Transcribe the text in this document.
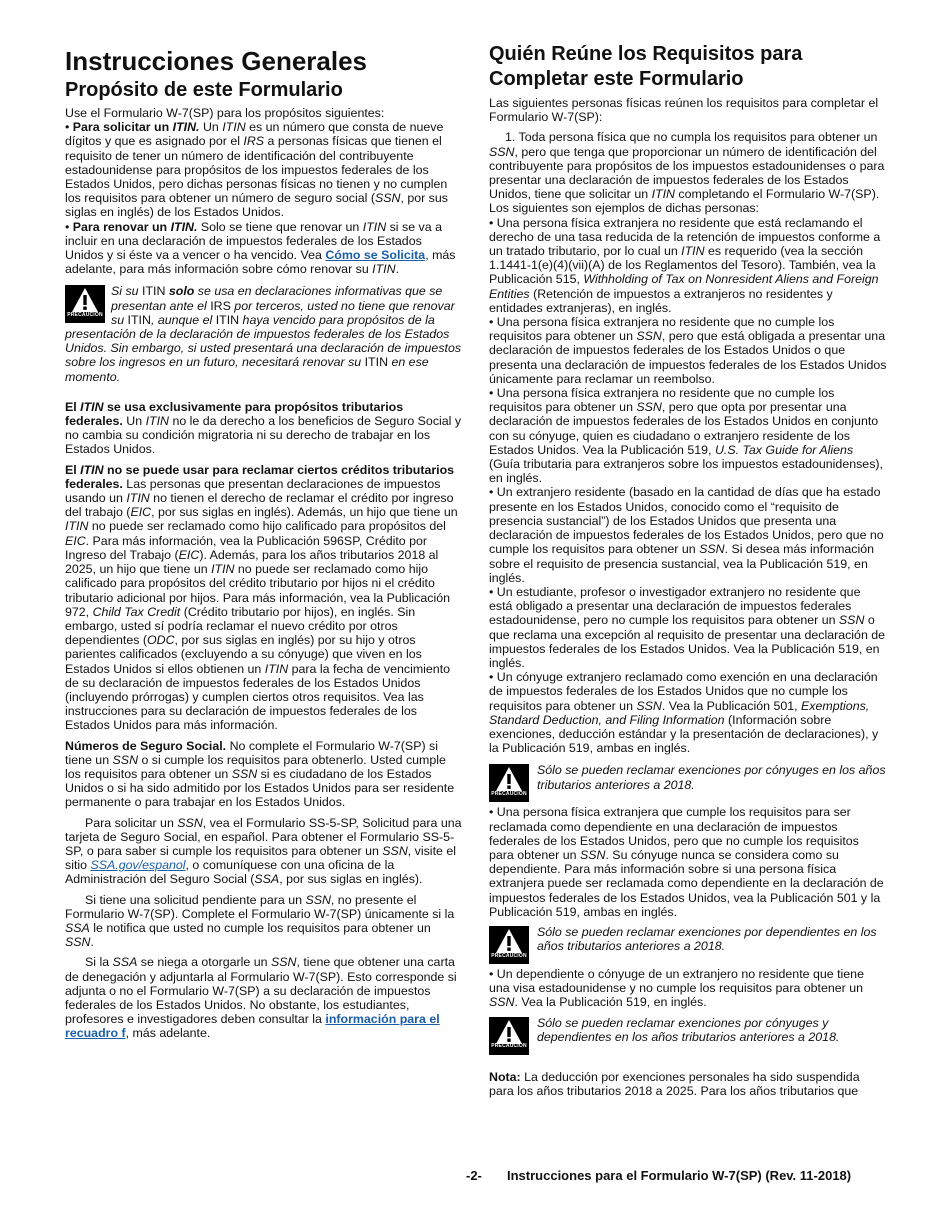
Instrucciones Generales
Propósito de este Formulario

Use el Formulario W-7(SP) para los propósitos siguientes:

• Para solicitar un ITIN. Un ITIN es un número que consta de nueve dígitos y que es asignado por el IRS a personas físicas que tienen el requisito de tener un número de identificación del contribuyente estadounidense para propósitos de los impuestos federales de los Estados Unidos, pero dichas personas físicas no tienen y no cumplen los requisitos para obtener un número de seguro social (SSN, por sus siglas en inglés) de los Estados Unidos.

• Para renovar un ITIN. Solo se tiene que renovar un ITIN si se va a incluir en una declaración de impuestos federales de los Estados Unidos y si éste va a vencer o ha vencido. Vea Cómo se Solicita, más adelante, para más información sobre cómo renovar su ITIN.

PRECAUCION
Si su ITIN solo se usa en declaraciones informativas que se presentan ante el IRS por terceros, usted no tiene que renovar su ITIN, aunque el ITIN haya vencido para propósitos de la presentación de la declaración de impuestos federales de los Estados Unidos. Sin embargo, si usted presentará una declaración de impuestos sobre los ingresos en un futuro, necesitará renovar su ITIN en ese momento.

El ITIN se usa exclusivamente para propósitos tributarios federales. Un ITIN no le da derecho a los beneficios de Seguro Social y no cambia su condición migratoria ni su derecho de trabajar en los Estados Unidos.

El ITIN no se puede usar para reclamar ciertos créditos tributarios federales. Las personas que presentan declaraciones de impuestos usando un ITIN no tienen el derecho de reclamar el crédito por ingreso del trabajo (EIC, por sus siglas en inglés). Además, un hijo que tiene un ITIN no puede ser reclamado como hijo calificado para propósitos del EIC. Para más información, vea la Publicación 596SP, Crédito por Ingreso del Trabajo (EIC). Además, para los años tributarios 2018 al 2025, un hijo que tiene un ITIN no puede ser reclamado como hijo calificado para propósitos del crédito tributario por hijos ni el crédito tributario adicional por hijos. Para más información, vea la Publicación 972, Child Tax Credit (Crédito tributario por hijos), en inglés. Sin embargo, usted sí podría reclamar el nuevo crédito por otros dependientes (ODC, por sus siglas en inglés) por su hijo y otros parientes calificados (excluyendo a su cónyuge) que viven en los Estados Unidos si ellos obtienen un ITIN para la fecha de vencimiento de su declaración de impuestos federales de los Estados Unidos (incluyendo prórrogas) y cumplen ciertos otros requisitos. Vea las instrucciones para su declaración de impuestos federales de los Estados Unidos para más información.

Números de Seguro Social. No complete el Formulario W-7(SP) si tiene un SSN o si cumple los requisitos para obtenerlo. Usted cumple los requisitos para obtener un SSN si es ciudadano de los Estados Unidos o si ha sido admitido por los Estados Unidos para ser residente permanente o para trabajar en los Estados Unidos.

Para solicitar un SSN, vea el Formulario SS-5-SP, Solicitud para una tarjeta de Seguro Social, en español. Para obtener el Formulario SS-5-SP, o para saber si cumple los requisitos para obtener un SSN, visite el sitio SSA.gov/espanol, o comuníquese con una oficina de la Administración del Seguro Social (SSA, por sus siglas en inglés).

Si tiene una solicitud pendiente para un SSN, no presente el Formulario W-7(SP). Complete el Formulario W-7(SP) únicamente si la SSA le notifica que usted no cumple los requisitos para obtener un SSN.

Si la SSA se niega a otorgarle un SSN, tiene que obtener una carta de denegación y adjuntarla al Formulario W-7(SP). Esto corresponde si adjunta o no el Formulario W-7(SP) a su declaración de impuestos federales de los Estados Unidos. No obstante, los estudiantes, profesores e investigadores deben consultar la información para el recuadro f, más adelante.

Quién Reúne los Requisitos para Completar este Formulario

Las siguientes personas físicas reúnen los requisitos para completar el Formulario W-7(SP):

1. Toda persona física que no cumpla los requisitos para obtener un SSN, pero que tenga que proporcionar un número de identificación del contribuyente para propósitos de los impuestos estadounidenses o para presentar una declaración de impuestos federales de los Estados Unidos, tiene que solicitar un ITIN completando el Formulario W-7(SP). Los siguientes son ejemplos de dichas personas:

• Una persona física extranjera no residente que está reclamando el derecho de una tasa reducida de la retención de impuestos conforme a un tratado tributario, por lo cual un ITIN es requerido (vea la sección 1.1441-1(e)(4)(vii)(A) de los Reglamentos del Tesoro). También, vea la Publicación 515, Withholding of Tax on Nonresident Aliens and Foreign Entities (Retención de impuestos a extranjeros no residentes y entidades extranjeras), en inglés.

• Una persona física extranjera no residente que no cumple los requisitos para obtener un SSN, pero que está obligada a presentar una declaración de impuestos federales de los Estados Unidos o que presenta una declaración de impuestos federales de los Estados Unidos únicamente para reclamar un reembolso.

• Una persona física extranjera no residente que no cumple los requisitos para obtener un SSN, pero que opta por presentar una declaración de impuestos federales de los Estados Unidos en conjunto con su cónyuge, quien es ciudadano o extranjero residente de los Estados Unidos. Vea la Publicación 519, U.S. Tax Guide for Aliens (Guía tributaria para extranjeros sobre los impuestos estadounidenses), en inglés.

• Un extranjero residente (basado en la cantidad de días que ha estado presente en los Estados Unidos, conocido como el “requisito de presencia sustancial”) de los Estados Unidos que presenta una declaración de impuestos federales de los Estados Unidos, pero que no cumple los requisitos para obtener un SSN. Si desea más información sobre el requisito de presencia sustancial, vea la Publicación 519, en inglés.

• Un estudiante, profesor o investigador extranjero no residente que está obligado a presentar una declaración de impuestos federales estadounidense, pero no cumple los requisitos para obtener un SSN o que reclama una excepción al requisito de presentar una declaración de impuestos federales de los Estados Unidos. Vea la Publicación 519, en inglés.

• Un cónyuge extranjero reclamado como exención en una declaración de impuestos federales de los Estados Unidos que no cumple los requisitos para obtener un SSN. Vea la Publicación 501, Exemptions, Standard Deduction, and Filing Information (Información sobre exenciones, deducción estándar y la presentación de declaraciones), y la Publicación 519, ambas en inglés.

PRECAUCION
Sólo se pueden reclamar exenciones por cónyuges en los años tributarios anteriores a 2018.

• Una persona física extranjera que cumple los requisitos para ser reclamada como dependiente en una declaración de impuestos federales de los Estados Unidos, pero que no cumple los requisitos para obtener un SSN. Su cónyuge nunca se considera como su dependiente. Para más información sobre si una persona física extranjera puede ser reclamada como dependiente en la declaración de impuestos federales de los Estados Unidos, vea la Publicación 501 y la Publicación 519, ambas en inglés.

PRECAUCION
Sólo se pueden reclamar exenciones por dependientes en los años tributarios anteriores a 2018.

• Un dependiente o cónyuge de un extranjero no residente que tiene una visa estadounidense y no cumple los requisitos para obtener un SSN. Vea la Publicación 519, en inglés.

PRECAUCION
Sólo se pueden reclamar exenciones por cónyuges y dependientes en los años tributarios anteriores a 2018.

Nota: La deducción por exenciones personales ha sido suspendida para los años tributarios 2018 a 2025. Para los años tributarios que

-2- Instrucciones para el Formulario W-7(SP) (Rev. 11-2018)
